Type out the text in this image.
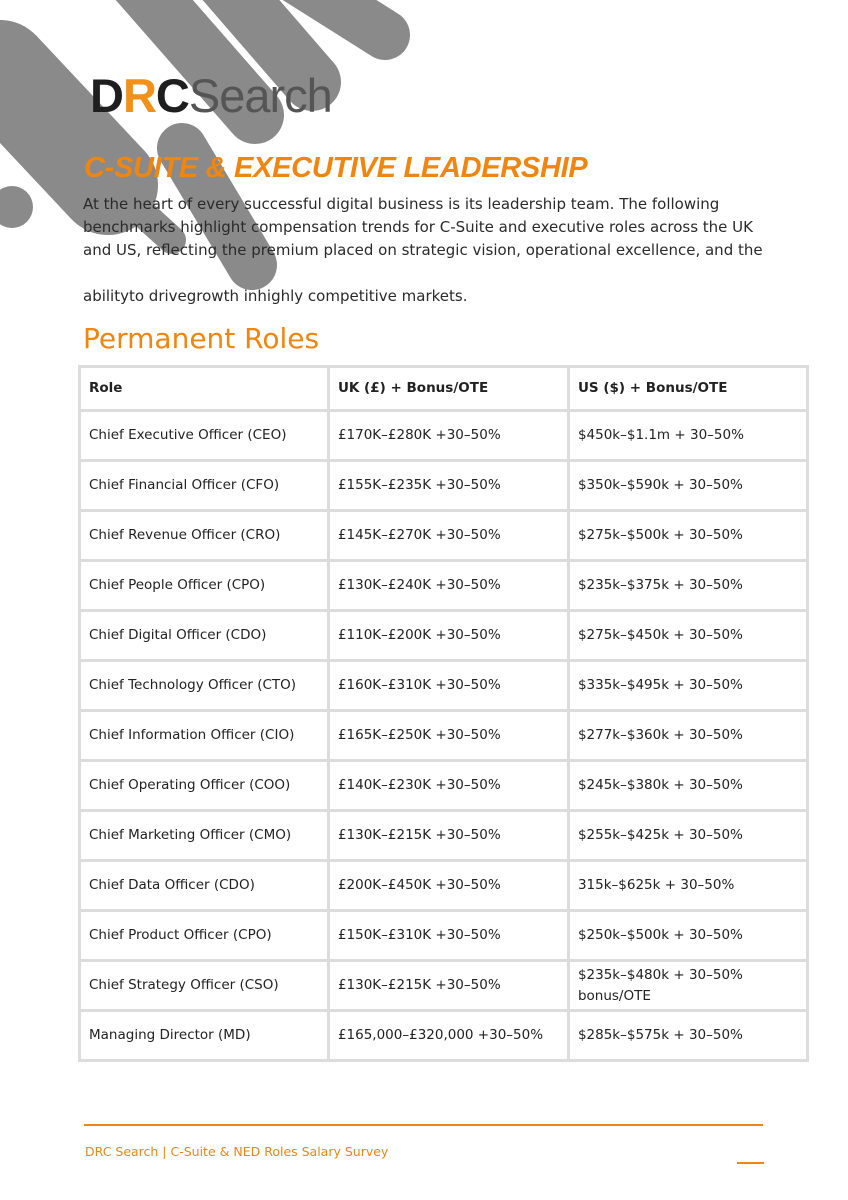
DRCSearch
C-SUITE & EXECUTIVE LEADERSHIP
At the heart of every successful digital business is its leadership team. The following
benchmarks highlight compensation trends for C-Suite and executive roles across the UK
and US, reflecting the premium placed on strategic vision, operational excellence, and the
abilityto drivegrowth inhighly competitive markets.
Permanent Roles
Role	UK (£) + Bonus/OTE	US ($) + Bonus/OTE
Chief Executive Officer (CEO)	£170K–£280K +30–50%	$450k–$1.1m + 30–50%
Chief Financial Officer (CFO)	£155K–£235K +30–50%	$350k–$590k + 30–50%
Chief Revenue Officer (CRO)	£145K–£270K +30–50%	$275k–$500k + 30–50%
Chief People Officer (CPO)	£130K–£240K +30–50%	$235k–$375k + 30–50%
Chief Digital Officer (CDO)	£110K–£200K +30–50%	$275k–$450k + 30–50%
Chief Technology Officer (CTO)	£160K–£310K +30–50%	$335k–$495k + 30–50%
Chief Information Officer (CIO)	£165K–£250K +30–50%	$277k–$360k + 30–50%
Chief Operating Officer (COO)	£140K–£230K +30–50%	$245k–$380k + 30–50%
Chief Marketing Officer (CMO)	£130K–£215K +30–50%	$255k–$425k + 30–50%
Chief Data Officer (CDO)	£200K–£450K +30–50%	315k–$625k + 30–50%
Chief Product Officer (CPO)	£150K–£310K +30–50%	$250k–$500k + 30–50%
Chief Strategy Officer (CSO)	£130K–£215K +30–50%	$235k–$480k + 30–50%
bonus/OTE

Managing Director (MD)	£165,000–£320,000 +30–50%	$285k–$575k + 30–50%
DRC Search | C-Suite & NED Roles Salary Survey
